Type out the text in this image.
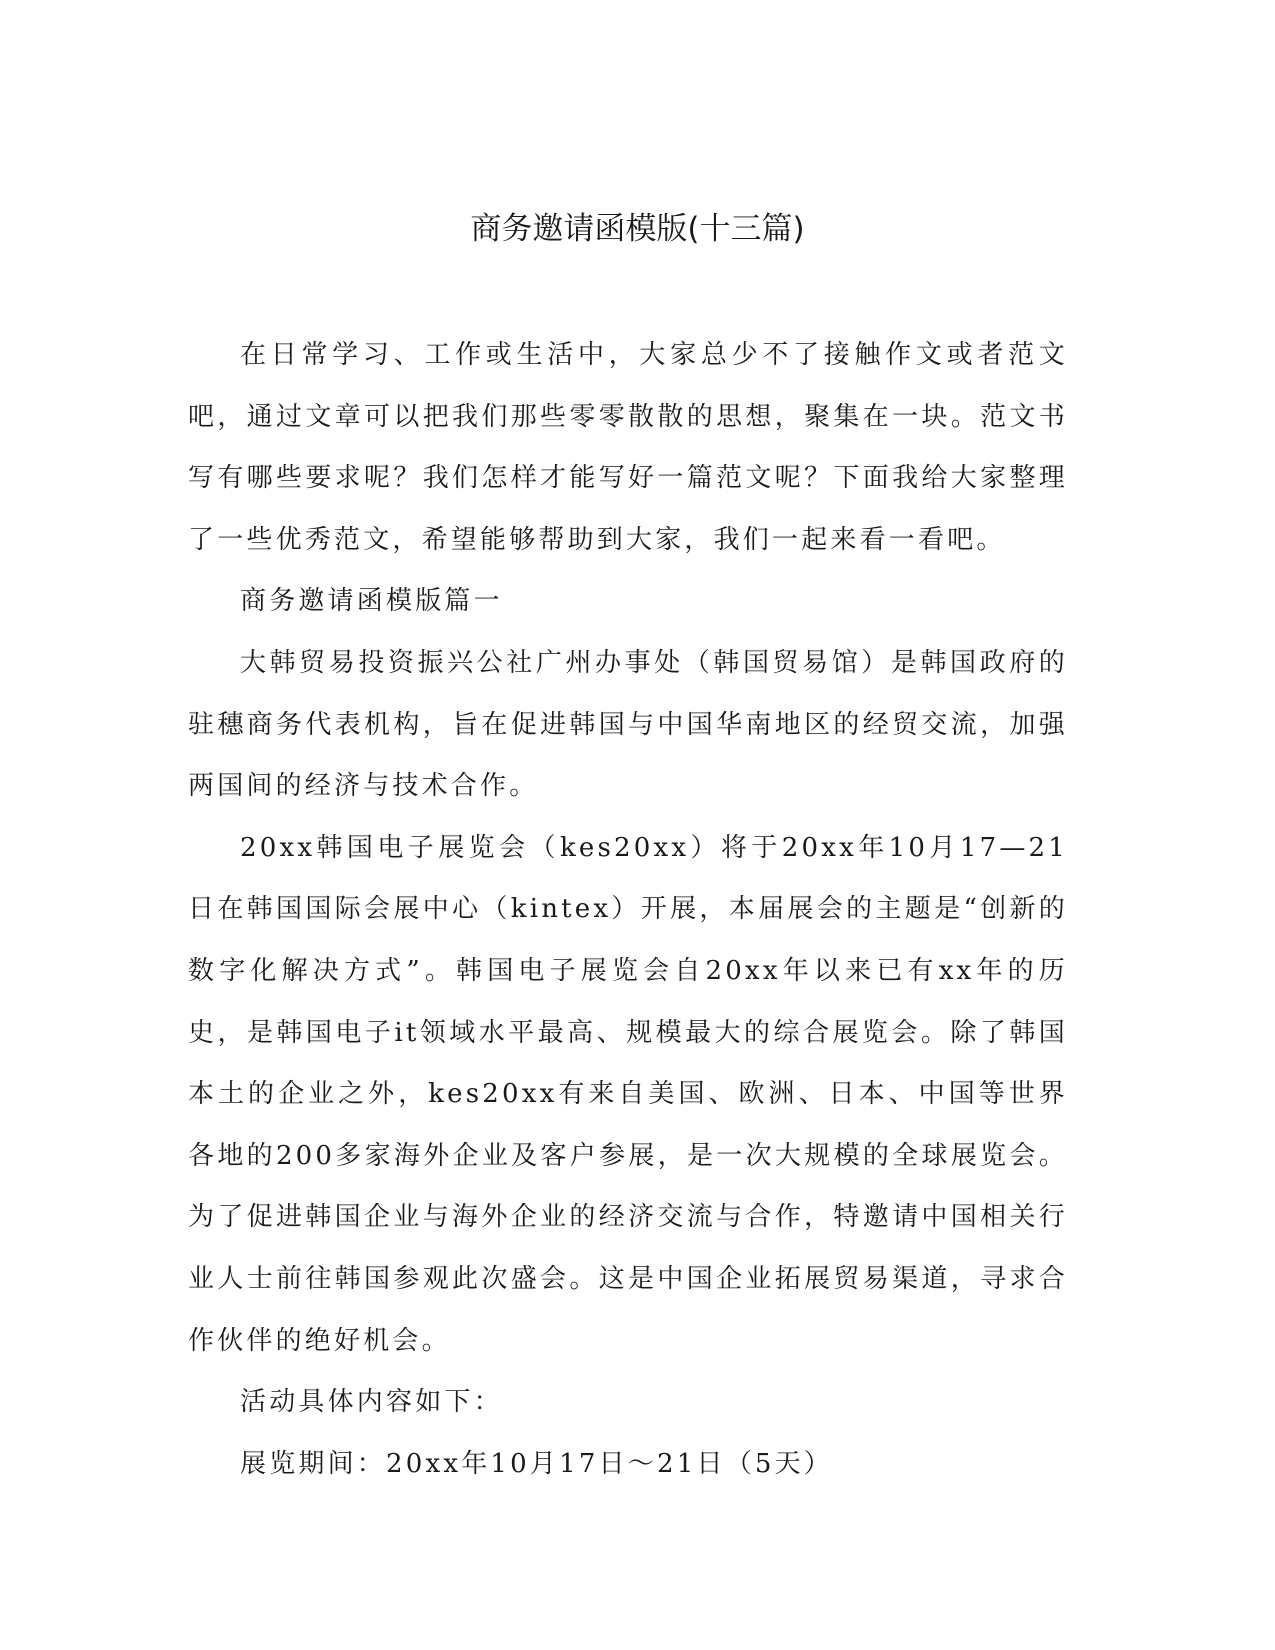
商务邀请函模版(十三篇)

在日常学习、工作或生活中，大家总少不了接触作文或者范文吧，通过文章可以把我们那些零零散散的思想，聚集在一块。范文书写有哪些要求呢？我们怎样才能写好一篇范文呢？下面我给大家整理了一些优秀范文，希望能够帮助到大家，我们一起来看一看吧。

商务邀请函模版篇一

大韩贸易投资振兴公社广州办事处（韩国贸易馆）是韩国政府的驻穗商务代表机构，旨在促进韩国与中国华南地区的经贸交流，加强两国间的经济与技术合作。

20xx韩国电子展览会（kes20xx）将于20xx年10月17—21日在韩国国际会展中心（kintex）开展，本届展会的主题是“创新的数字化解决方式”。韩国电子展览会自20xx年以来已有xx年的历史，是韩国电子it领域水平最高、规模最大的综合展览会。除了韩国本土的企业之外，kes20xx有来自美国、欧洲、日本、中国等世界各地的200多家海外企业及客户参展，是一次大规模的全球展览会。为了促进韩国企业与海外企业的经济交流与合作，特邀请中国相关行业人士前往韩国参观此次盛会。这是中国企业拓展贸易渠道，寻求合作伙伴的绝好机会。

活动具体内容如下：

展览期间：20xx年10月17日～21日（5天）
